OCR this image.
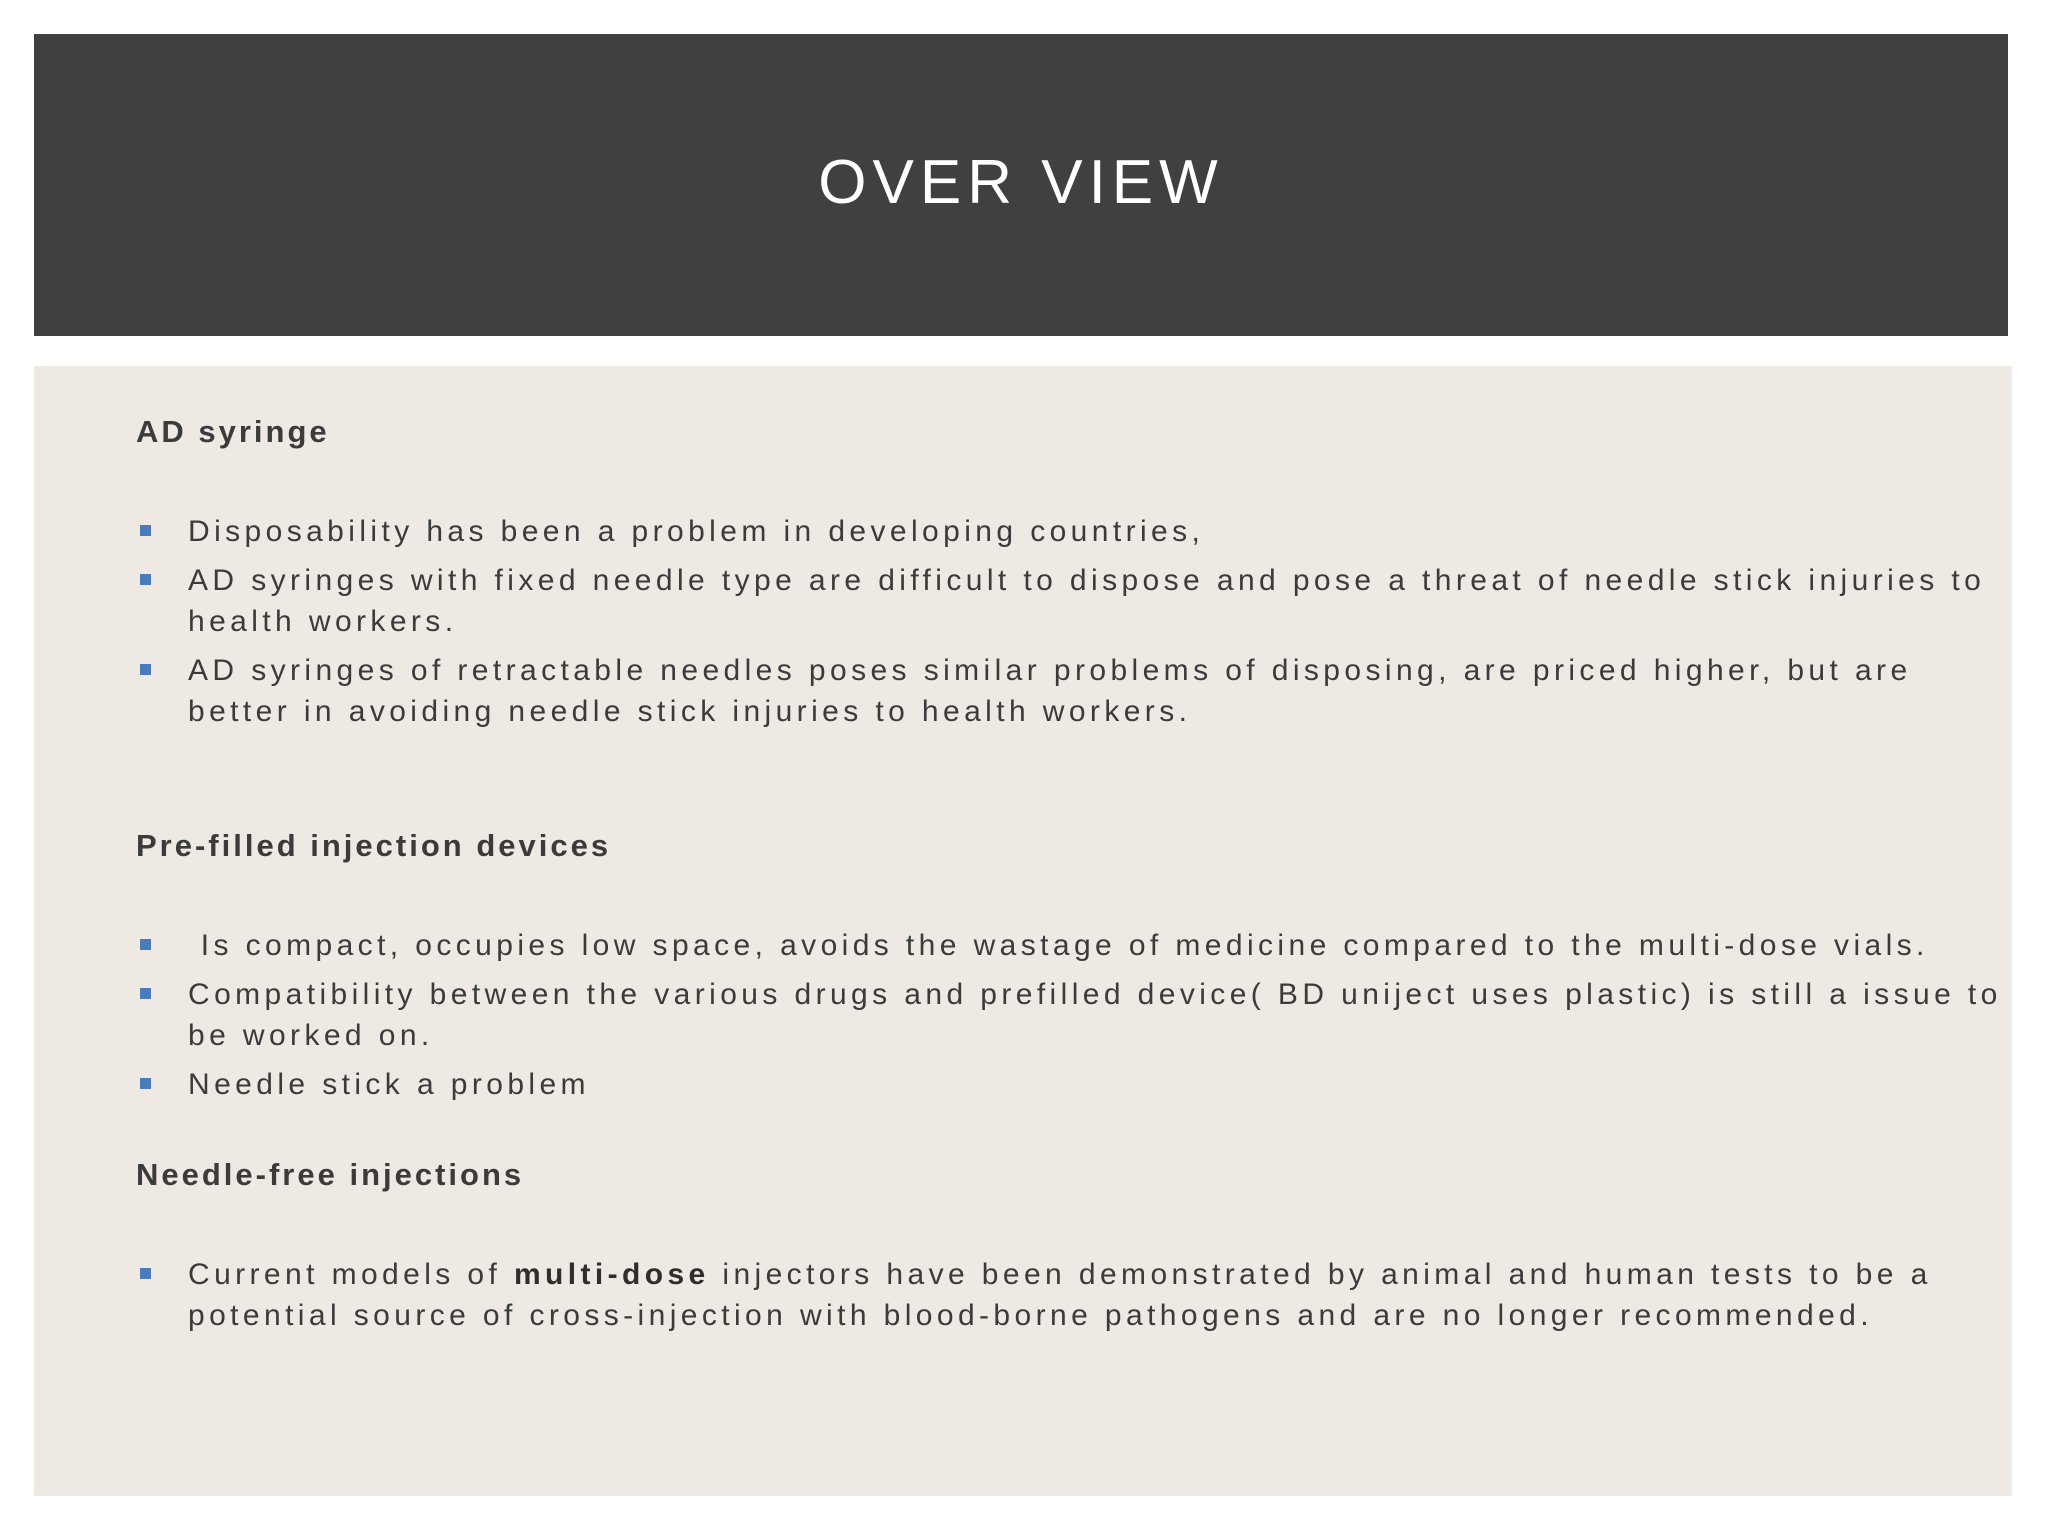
OVER VIEW
AD syringe
Disposability has been a problem in developing countries,
AD syringes with fixed needle type are difficult to dispose and pose a threat of needle stick injuries to health workers.
AD syringes of retractable needles poses similar problems of disposing, are priced higher, but are better in avoiding needle stick injuries to health workers.
Pre-filled injection devices
Is compact, occupies low space, avoids the wastage of medicine compared to the multi-dose vials.
Compatibility between the various drugs and prefilled device( BD uniject uses plastic) is still a issue to be worked on.
Needle stick a problem
Needle-free injections
Current models of multi-dose injectors have been demonstrated by animal and human tests to be a potential source of cross-injection with blood-borne pathogens and are no longer recommended.
